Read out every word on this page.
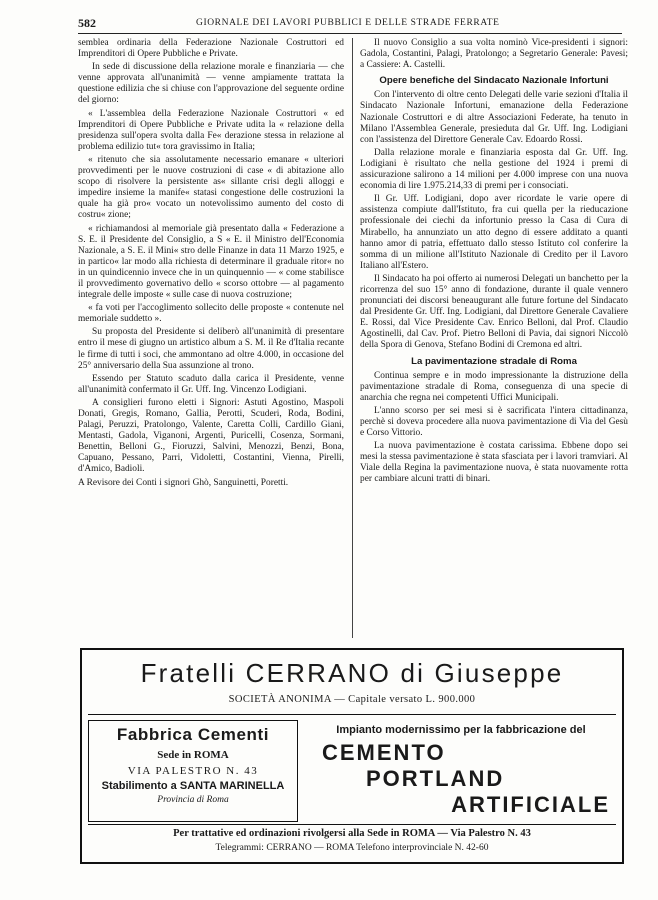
582	GIORNALE DEI LAVORI PUBBLICI E DELLE STRADE FERRATE

semblea ordinaria della Federazione Nazionale Costruttori ed Imprenditori di Opere Pubbliche e Private.

In sede di discussione della relazione morale e finanziaria — che venne approvata all'unanimità — venne ampiamente trattata la questione edilizia che si chiuse con l'approvazione del seguente ordine del giorno:

« L'assemblea della Federazione Nazionale Costruttori « ed Imprenditori di Opere Pubbliche e Private udita la « relazione della presidenza sull'opera svolta dalla Fe« derazione stessa in relazione al problema edilizio tut« tora gravissimo in Italia;

« ritenuto che sia assolutamente necessario emanare « ulteriori provvedimenti per le nuove costruzioni di case « di abitazione allo scopo di risolvere la persistente as« sillante crisi degli alloggi e impedire insieme la manife« statasi congestione delle costruzioni la quale ha già pro« vocato un notevolissimo aumento del costo di costru« zione;

« richiamandosi al memoriale già presentato dalla « Federazione a S. E. il Presidente del Consiglio, a S « E. il Ministro dell'Economia Nazionale, a S. E. il Mini« stro delle Finanze in data 11 Marzo 1925, e in partico« lar modo alla richiesta di determinare il graduale ritor« no in un quindicennio invece che in un quinquennio — « come stabilisce il provvedimento governativo dello « scorso ottobre — al pagamento integrale delle imposte « sulle case di nuova costruzione;

« fa voti per l'accoglimento sollecito delle proposte « contenute nel memoriale suddetto ».

Su proposta del Presidente si deliberò all'unanimità di presentare entro il mese di giugno un artistico album a S. M. il Re d'Italia recante le firme di tutti i soci, che ammontano ad oltre 4.000, in occasione del 25° anniversario della Sua assunzione al trono.

Essendo per Statuto scaduto dalla carica il Presidente, venne all'unanimità confermato il Gr. Uff. Ing. Vincenzo Lodigiani.

A consiglieri furono eletti i Signori: Astuti Agostino, Maspoli Donati, Gregis, Romano, Gallia, Perotti, Scuderi, Roda, Bodini, Palagi, Peruzzi, Pratolongo, Valente, Caretta Colli, Cardillo Giani, Mentasti, Gadola, Viganoni, Argenti, Puricelli, Cosenza, Sormani, Benettin, Belloni G., Fioruzzi, Salvini, Menozzi, Benzi, Bona, Capuano, Pessano, Parri, Vidoletti, Costantini, Vienna, Pirelli, d'Amico, Badioli.

A Revisore dei Conti i signori Ghò, Sanguinetti, Poretti.

Il nuovo Consiglio a sua volta nominò Vice-presidenti i signori: Gadola, Costantini, Palagi, Pratolongo; a Segretario Generale: Pavesi; a Cassiere: A. Castelli.

Opere benefiche del Sindacato Nazionale Infortuni

Con l'intervento di oltre cento Delegati delle varie sezioni d'Italia il Sindacato Nazionale Infortuni, emanazione della Federazione Nazionale Costruttori e di altre Associazioni Federate, ha tenuto in Milano l'Assemblea Generale, presieduta dal Gr. Uff. Ing. Lodigiani con l'assistenza del Direttore Generale Cav. Edoardo Rossi.

Dalla relazione morale e finanziaria esposta dal Gr. Uff. Ing. Lodigiani è risultato che nella gestione del 1924 i premi di assicurazione salirono a 14 milioni per 4.000 imprese con una nuova economia di lire 1.975.214,33 di premi per i consociati.

Il Gr. Uff. Lodigiani, dopo aver ricordate le varie opere di assistenza compiute dall'Istituto, fra cui quella per la rieducazione professionale dei ciechi da infortunio presso la Casa di Cura di Mirabello, ha annunziato un atto degno di essere additato a quanti hanno amor di patria, effettuato dallo stesso Istituto col conferire la somma di un milione all'Istituto Nazionale di Credito per il Lavoro Italiano all'Estero.

Il Sindacato ha poi offerto ai numerosi Delegati un banchetto per la ricorrenza del suo 15° anno di fondazione, durante il quale vennero pronunciati dei discorsi beneaugurant alle future fortune del Sindacato dal Presidente Gr. Uff. Ing. Lodigiani, dal Direttore Generale Cavaliere E. Rossi, dal Vice Presidente Cav. Enrico Belloni, dal Prof. Claudio Agostinelli, dal Cav. Prof. Pietro Belloni di Pavia, dai signori Niccolò della Spora di Genova, Stefano Bodini di Cremona ed altri.

La pavimentazione stradale di Roma

Continua sempre e in modo impressionante la distruzione della pavimentazione stradale di Roma, conseguenza di una specie di anarchia che regna nei competenti Uffici Municipali.

L'anno scorso per sei mesi si è sacrificata l'intera cittadinanza, perchè si doveva procedere alla nuova pavimentazione di Via del Gesù e Corso Vittorio.

La nuova pavimentazione è costata carissima. Ebbene dopo sei mesi la stessa pavimentazione è stata sfasciata per i lavori tramviari. Al Viale della Regina la pavimentazione nuova, è stata nuovamente rotta per cambiare alcuni tratti di binari.

Fratelli CERRANO di Giuseppe
SOCIETÀ ANONIMA — Capitale versato L. 900.000
Fabbrica Cementi
Sede in ROMA
VIA PALESTRO N. 43
Stabilimento a SANTA MARINELLA
Provincia di Roma
Impianto modernissimo per la fabbricazione del
CEMENTO
PORTLAND
ARTIFICIALE
Per trattative ed ordinazioni rivolgersi alla Sede in ROMA — Via Palestro N. 43
Telegrammi: CERRANO — ROMA Telefono interprovinciale N. 42-60
